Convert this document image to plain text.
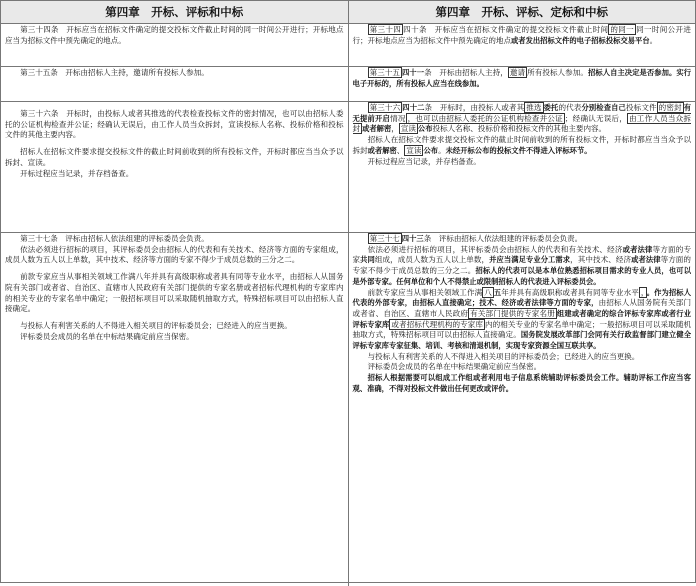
第四章　开标、评标和中标	第四章　开标、评标、定标和中标

第三十四条　开标应当在招标文件确定的提交投标文件截止时间的同一时间公开进行；开标地点应当为招标文件中预先确定的地点。

第三十四 四十条　开标应当在招标文件确定的提交投标文件截止时间 的同一 同一时间公开进行；开标地点应当为招标文件中预先确定的地点或者发出招标文件的电子招标投标交易平台。

第三十五条　开标由招标人主持，邀请所有投标人参加。	第三十五 四十一条　开标由招标人主持， 邀请 所有投标人参加。招标人自主决定是否参加。实行电子开标的，所有投标人应当在线参加。

第三十六条　开标时，由投标人或者其推选的代表检查投标文件的密封情况，也可以由招标人委托的公证机构检查并公证；经确认无误后，由工作人员当众拆封，宣读投标人名称、投标价格和投标文件的其他主要内容。

招标人在招标文件要求提交投标文件的截止时间前收到的所有投标文件，开标时都应当当众予以拆封、宣读。

开标过程应当记录，并存档备查。

第三十六 四十二条　开标时，由投标人或者其 推选 委托的代表分别检查自己投标文件 的密封 有无提前开启情况 ，也可以由招标人委托的公证机构检查并公证 ；经确认无误后， 由工作人员当众拆封 或者解密， 宣读 公布投标人名称、投标价格和投标文件的其他主要内容。

招标人在招标文件要求提交投标文件的截止时间前收到的所有投标文件，开标时都应当当众予以拆封或者解密、 宣读 公布。未经开标公布的投标文件不得进入评标环节。

开标过程应当记录，并存档备查。

第三十七条　评标由招标人依法组建的评标委员会负责。

依法必须进行招标的项目，其评标委员会由招标人的代表和有关技术、经济等方面的专家组成，成员人数为五人以上单数，其中技术、经济等方面的专家不得少于成员总数的三分之二。

前款专家应当从事相关领域工作满八年并具有高级职称或者具有同等专业水平，由招标人从国务院有关部门或者省、自治区、直辖市人民政府有关部门提供的专家名册或者招标代理机构的专家库内的相关专业的专家名单中确定；一般招标项目可以采取随机抽取方式，特殊招标项目可以由招标人直接确定。

与投标人有利害关系的人不得进入相关项目的评标委员会；已经进入的应当更换。

评标委员会成员的名单在中标结果确定前应当保密。

第三十七 四十三条　评标由招标人依法组建的评标委员会负责。

依法必须进行招标的项目，其评标委员会由招标人的代表和有关技术、经济或者法律等方面的专家共同组成，成员人数为五人以上单数，并应当满足专业分工需求，其中技术、经济或者法律等方面的专家不得少于成员总数的三分之二。招标人的代表可以是本单位熟悉招标项目需求的专业人员，也可以是外部专家。任何单位和个人不得禁止或限制招标人的代表进入评标委员会。

前款专家应当从事相关领域工作满 八 五年并具有高级职称或者具有同等专业水平 ， 。作为招标人代表的外部专家，由招标人直接确定；技术、经济或者法律等方面的专家，由招标人从国务院有关部门或者省、自治区、直辖市人民政府 有关部门提供的专家名册 组建或者确定的综合评标专家库或者行业评标专家库 或者招标代理机构的专家库 内的相关专业的专家名单中确定；一般招标项目可以采取随机抽取方式，特殊招标项目可以由招标人直接确定。国务院发展改革部门会同有关行政监督部门建立健全评标专家库专家征集、培训、考核和清退机制，实现专家资源全国互联共享。

与投标人有利害关系的人不得进入相关项目的评标委员会；已经进入的应当更换。

评标委员会成员的名单在中标结果确定前应当保密。

招标人根据需要可以组成工作组或者利用电子信息系统辅助评标委员会工作。辅助评标工作应当客观、准确，不得对投标文件做出任何更改或评价。
